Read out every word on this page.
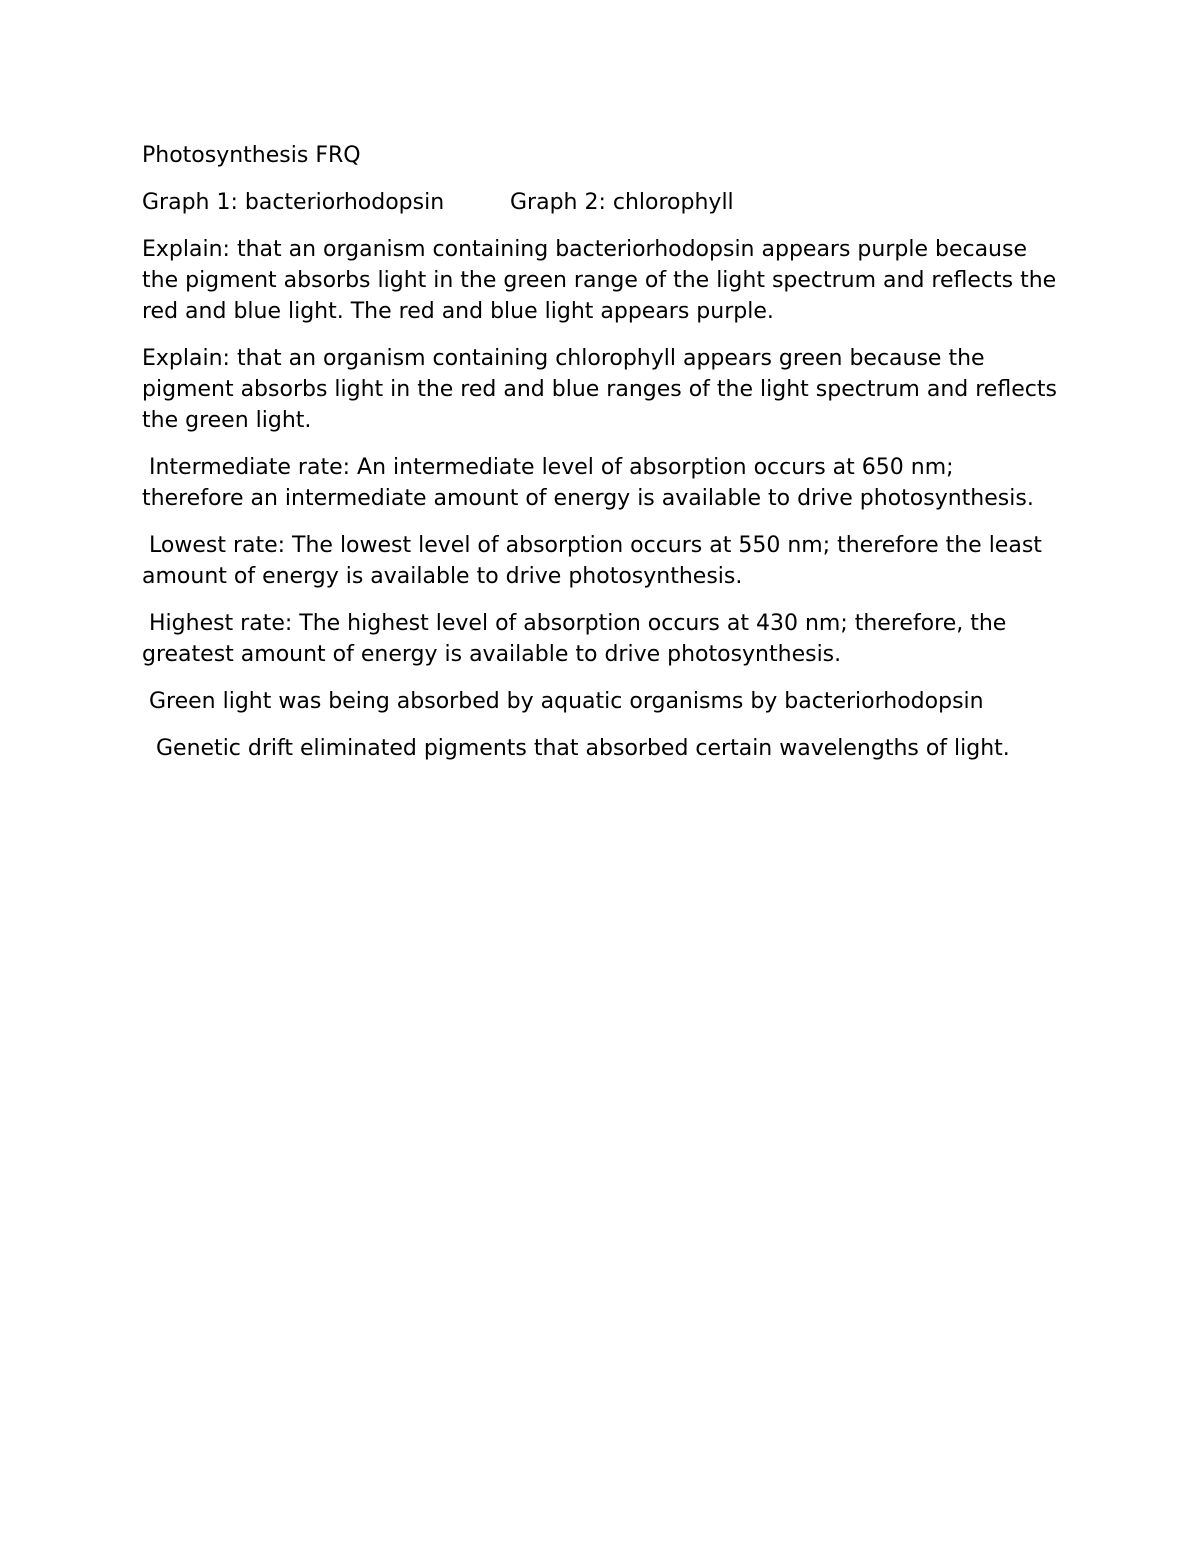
Photosynthesis FRQ

Graph 1: bacteriorhodopsin	Graph 2: chlorophyll

Explain: that an organism containing bacteriorhodopsin appears purple because the pigment absorbs light in the green range of the light spectrum and reflects the red and blue light. The red and blue light appears purple.

Explain: that an organism containing chlorophyll appears green because the pigment absorbs light in the red and blue ranges of the light spectrum and reflects the green light.

Intermediate rate: An intermediate level of absorption occurs at 650 nm; therefore an intermediate amount of energy is available to drive photosynthesis.

Lowest rate: The lowest level of absorption occurs at 550 nm; therefore the least amount of energy is available to drive photosynthesis.

Highest rate: The highest level of absorption occurs at 430 nm; therefore, the greatest amount of energy is available to drive photosynthesis.

Green light was being absorbed by aquatic organisms by bacteriorhodopsin

Genetic drift eliminated pigments that absorbed certain wavelengths of light.
